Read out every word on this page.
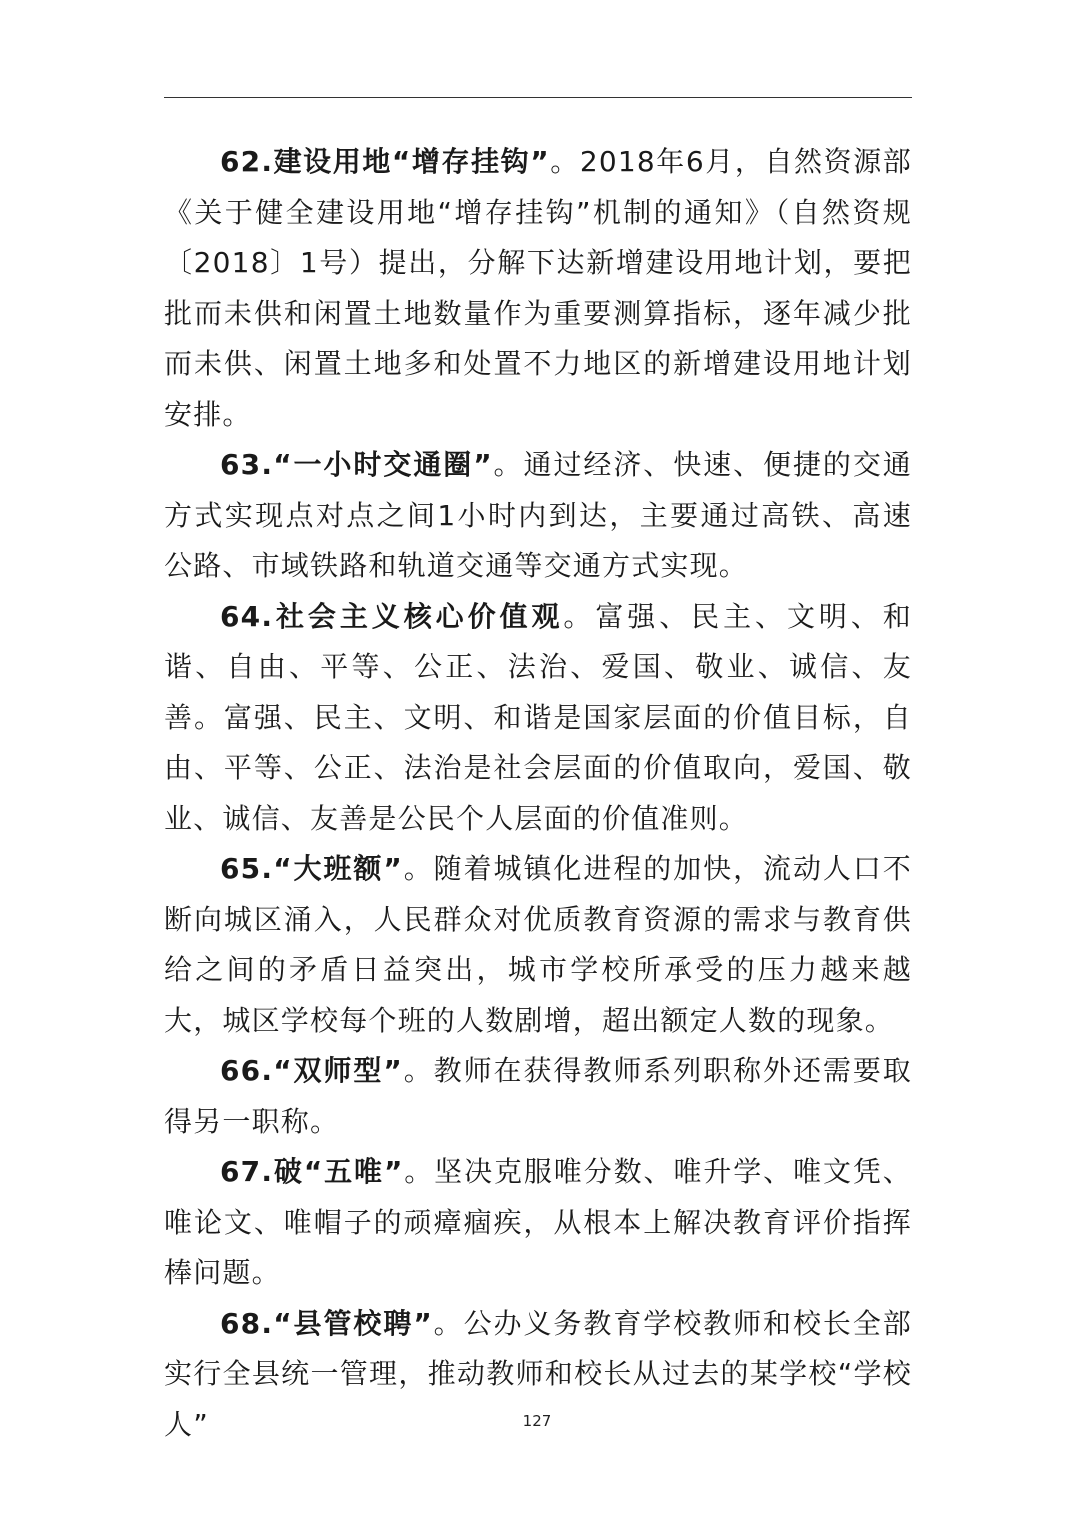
62.建设用地“增存挂钩”。2018年6月，自然资源部《关于健全建设用地“增存挂钩”机制的通知》（自然资规〔2018〕1号）提出，分解下达新增建设用地计划，要把批而未供和闲置土地数量作为重要测算指标，逐年减少批而未供、闲置土地多和处置不力地区的新增建设用地计划安排。

63.“一小时交通圈”。通过经济、快速、便捷的交通方式实现点对点之间1小时内到达，主要通过高铁、高速公路、市域铁路和轨道交通等交通方式实现。

64.社会主义核心价值观。富强、民主、文明、和谐、自由、平等、公正、法治、爱国、敬业、诚信、友善。富强、民主、文明、和谐是国家层面的价值目标，自由、平等、公正、法治是社会层面的价值取向，爱国、敬业、诚信、友善是公民个人层面的价值准则。

65.“大班额”。随着城镇化进程的加快，流动人口不断向城区涌入，人民群众对优质教育资源的需求与教育供给之间的矛盾日益突出，城市学校所承受的压力越来越大，城区学校每个班的人数剧增，超出额定人数的现象。

66.“双师型”。教师在获得教师系列职称外还需要取得另一职称。

67.破“五唯”。坚决克服唯分数、唯升学、唯文凭、唯论文、唯帽子的顽瘴痼疾，从根本上解决教育评价指挥棒问题。

68.“县管校聘”。公办义务教育学校教师和校长全部实行全县统一管理，推动教师和校长从过去的某学校“学校人”	127
